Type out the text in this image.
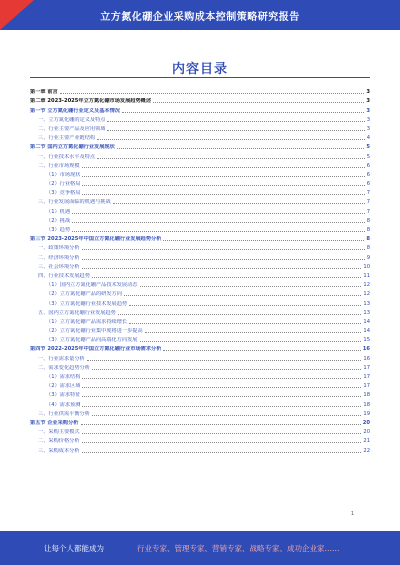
立方氮化硼企业采购成本控制策略研究报告
内容目录
第一章 前言	3
第二章 2023-2025年立方氮化硼市场发展趋势概述	3
第一节 立方氮化硼行业定义及基本情况	3
一、立方氮化硼的定义及特点	3
二、行业主要产品及应用领域	3
三、行业主要产业链结构	4
第二节 国内立方氮化硼行业发展现状	5
一、行业技术水平及特点	5
二、行业市场规模	6
（1）市场现状	6
（2）行业格局	6
（3）竞争格局	7
三、行业发展面临的机遇与挑战	7
（1）机遇	7
（2）挑战	8
（3）趋势	8
第三节 2023-2025年中国立方氮化硼行业发展趋势分析	8
一、政策环境分析	8
二、经济环境分析	9
三、社会环境分析	10
四、行业技术发展趋势	11
（1）国内立方氮化硼产品技术发展动态	12
（2）立方氮化硼产品的研发方向	12
（3）立方氮化硼行业技术发展趋势	13
五、国内立方氮化硼行业发展趋势	13
（1）立方氮化硼产品需求持续增长	14
（2）立方氮化硼行业集中度将进一步提高	14
（3）立方氮化硼产品向高端化方向发展	15
第四节 2022-2025年中国立方氮化硼行业市场需求分析	16
一、行业需求量分析	16
二、需求变化趋势分析	17
（1）需求结构	17
（2）需求区域	17
（3）需求特征	18
（4）需求预测	18
三、行业供需平衡分析	19
第五节 企业采购分析	20
一、采购主要模式	20
二、采购价格分析	21
三、采购成本分析	22
1
让每个人都能成为	行业专家、管理专家、营销专家、战略专家、成功企业家……
